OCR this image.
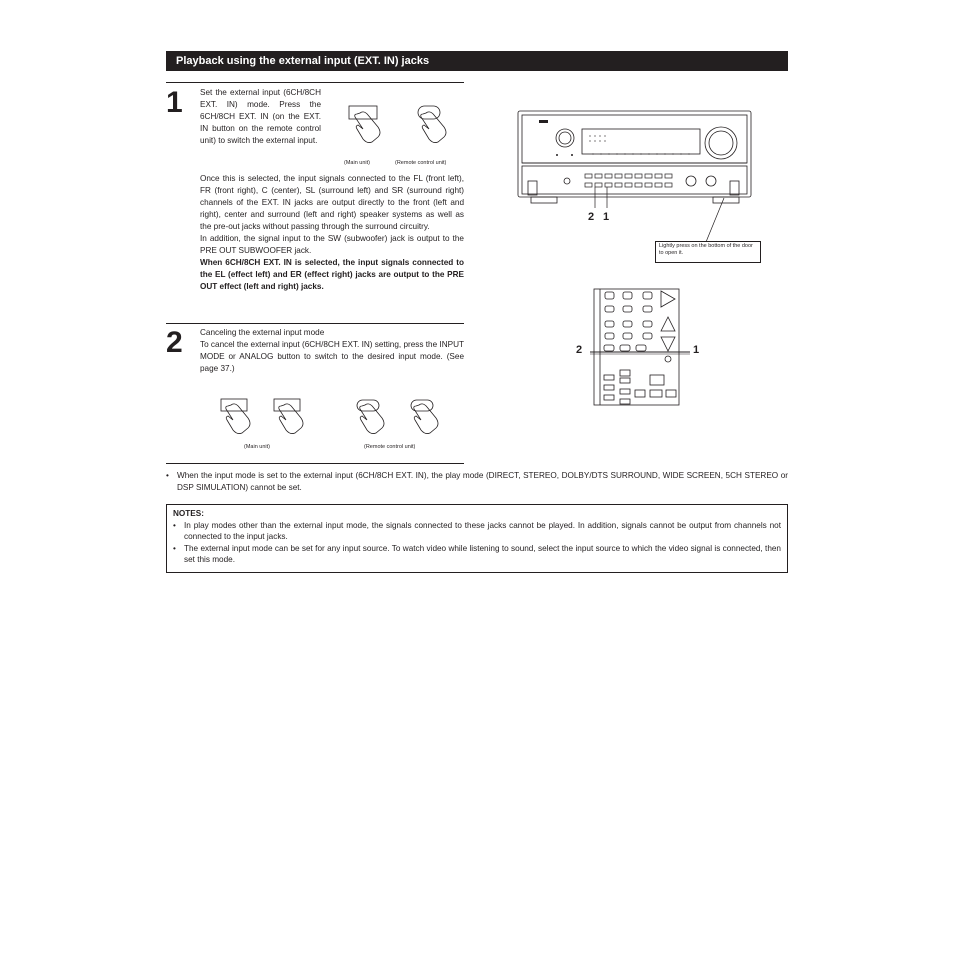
Playback using the external input (EXT. IN) jacks
1 Set the external input (6CH/8CH EXT. IN) mode. Press the 6CH/8CH EXT. IN (on the EXT. IN button on the remote control unit) to switch the external input.
(Main unit)	(Remote control unit)

Once this is selected, the input signals connected to the FL (front left), FR (front right), C (center), SL (surround left) and SR (surround right) channels of the EXT. IN jacks are output directly to the front (left and right), center and surround (left and right) speaker systems as well as the pre-out jacks without passing through the surround circuitry.

In addition, the signal input to the SW (subwoofer) jack is output to the PRE OUT SUBWOOFER jack.

When 6CH/8CH EXT. IN is selected, the input signals connected to the EL (effect left) and ER (effect right) jacks are output to the PRE OUT effect (left and right) jacks.

2 Canceling the external input mode

To cancel the external input (6CH/8CH EXT. IN) setting, press the INPUT MODE or ANALOG button to switch to the desired input mode. (See page 37.)

(Main unit)	(Remote control unit)
2 1
Lightly press on the bottom of the door to open it.
2	1
• When the input mode is set to the external input (6CH/8CH EXT. IN), the play mode (DIRECT, STEREO, DOLBY/DTS SURROUND, WIDE SCREEN, 5CH STEREO or DSP SIMULATION) cannot be set.
NOTES:
• In play modes other than the external input mode, the signals connected to these jacks cannot be played. In addition, signals cannot be output from channels not connected to the input jacks.
• The external input mode can be set for any input source. To watch video while listening to sound, select the input source to which the video signal is connected, then set this mode.
